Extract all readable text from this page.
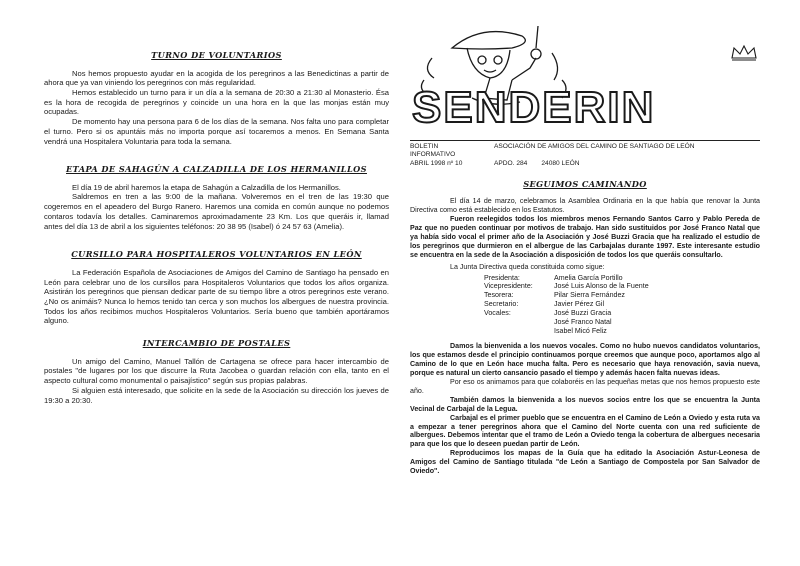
TURNO DE VOLUNTARIOS

Nos hemos propuesto ayudar en la acogida de los peregrinos a las Benedictinas a partir de ahora que ya van viniendo los peregrinos con más regularidad.

Hemos establecido un turno para ir un día a la semana de 20:30 a 21:30 al Monasterio. Ésa es la hora de recogida de peregrinos y coincide un una hora en la que las monjas están muy ocupadas.

De momento hay una persona para 6 de los días de la semana. Nos falta uno para completar el turno. Pero si os apuntáis más no importa porque así tocaremos a menos. En Semana Santa vendrá una Hospitalera Voluntaria para toda la semana.

ETAPA DE SAHAGÚN A CALZADILLA DE LOS HERMANILLOS

El día 19 de abril haremos la etapa de Sahagún a Calzadilla de los Hermanillos.

Saldremos en tren a las 9:00 de la mañana. Volveremos en el tren de las 19:30 que cogeremos en el apeadero del Burgo Ranero. Haremos una comida en común aunque no podemos contaros todavía los detalles. Caminaremos aproximadamente 23 Km. Los que queráis ir, llamad antes del día 13 de abril a los siguientes teléfonos: 20 38 95 (Isabel) ó 24 57 63 (Amelia).

CURSILLO PARA HOSPITALEROS VOLUNTARIOS EN LEÓN

La Federación Española de Asociaciones de Amigos del Camino de Santiago ha pensado en León para celebrar uno de los cursillos para Hospitaleros Voluntarios que todos los años organiza. Asistirán los peregrinos que piensan dedicar parte de su tiempo libre a otros peregrinos este verano. ¿No os animáis? Nunca lo hemos tenido tan cerca y son muchos los albergues de nuestra provincia. Todos los años recibimos muchos Hospitaleros Voluntarios. Sería bueno que también aportáramos alguno.

INTERCAMBIO DE POSTALES

Un amigo del Camino, Manuel Tallón de Cartagena se ofrece para hacer intercambio de postales "de lugares por los que discurre la Ruta Jacobea o guardan relación con ella, tanto en el aspecto cultural como monumental o paisajístico" según sus propias palabras.

Si alguien está interesado, que solicite en la sede de la Asociación su dirección los jueves de 19:30 a 20:30.

SENDERIN
BOLETIN INFORMATIVO
ASOCIACIÓN DE AMIGOS DEL CAMINO DE SANTIAGO DE LEÓN
ABRIL 1998 nº 10	APDO. 284 24080 LEÓN
SEGUIMOS CAMINANDO

El día 14 de marzo, celebramos la Asamblea Ordinaria en la que había que renovar la Junta Directiva como está establecido en los Estatutos.

Fueron reelegidos todos los miembros menos Fernando Santos Carro y Pablo Pereda de Paz que no pueden continuar por motivos de trabajo. Han sido sustituidos por José Franco Natal que ya había sido vocal el primer año de la Asociación y José Buzzi Gracia que ha realizado el estudio de los peregrinos que durmieron en el albergue de las Carbajalas durante 1997. Este interesante estudio se encuentra en la sede de la Asociación a disposición de todos los que queráis consultarlo.

La Junta Directiva queda constituida como sigue:

Presidenta:	Amelia García Portillo
Vicepresidente:	José Luis Alonso de la Fuente
Tesorera:	Pilar Sierra Fernández
Secretario:	Javier Pérez Gil
Vocales:	José Buzzi Gracia
José Franco Natal
Isabel Micó Feliz

Damos la bienvenida a los nuevos vocales. Como no hubo nuevos candidatos voluntarios, los que estamos desde el principio continuamos porque creemos que aunque poco, aportamos algo al Camino de lo que en León hace mucha falta. Pero es necesario que haya renovación, savia nueva, porque es natural un cierto cansancio pasado el tiempo y además hacen falta nuevas ideas.

Por eso os animamos para que colaboréis en las pequeñas metas que nos hemos propuesto este año.

También damos la bienvenida a los nuevos socios entre los que se encuentra la Junta Vecinal de Carbajal de la Legua.

Carbajal es el primer pueblo que se encuentra en el Camino de León a Oviedo y esta ruta va a empezar a tener peregrinos ahora que el Camino del Norte cuenta con una red suficiente de albergues. Debemos intentar que el tramo de León a Oviedo tenga la cobertura de albergues necesaria para que los que lo deseen puedan partir de León.

Reproducimos los mapas de la Guía que ha editado la Asociación Astur-Leonesa de Amigos del Camino de Santiago titulada "de León a Santiago de Compostela por San Salvador de Oviedo".
